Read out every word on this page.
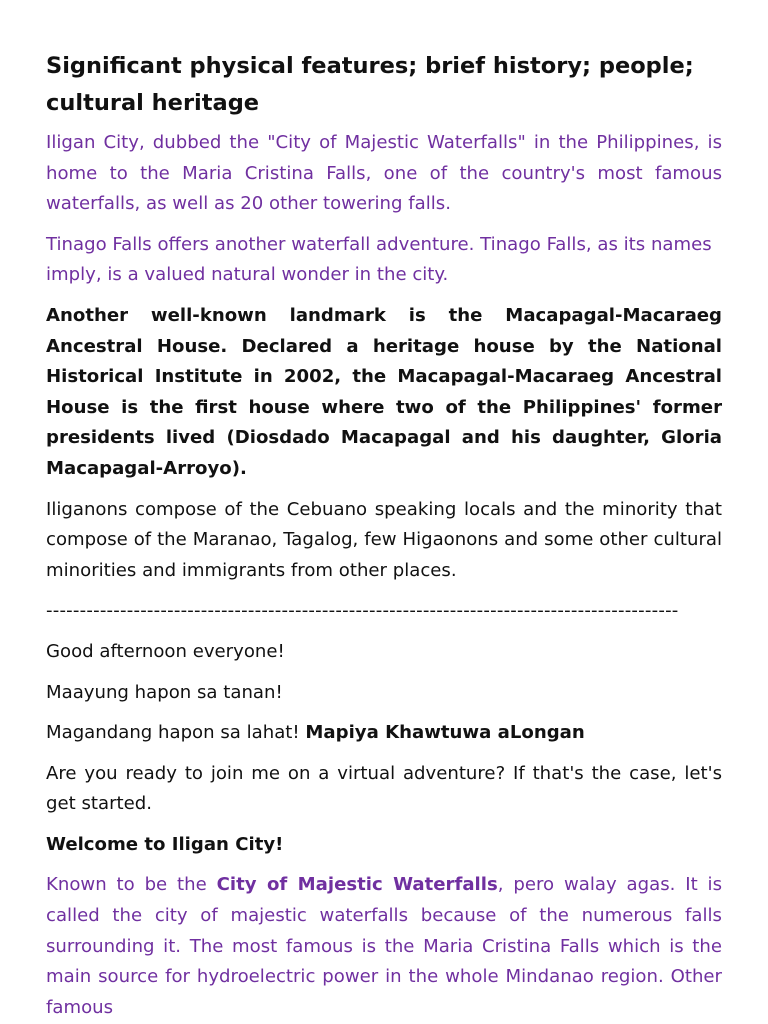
Significant physical features; brief history; people; cultural heritage

Iligan City, dubbed the "City of Majestic Waterfalls" in the Philippines, is home to the Maria Cristina Falls, one of the country's most famous waterfalls, as well as 20 other towering falls.

Tinago Falls offers another waterfall adventure. Tinago Falls, as its names imply, is a valued natural wonder in the city.

Another well-known landmark is the Macapagal-Macaraeg Ancestral House. Declared a heritage house by the National Historical Institute in 2002, the Macapagal-Macaraeg Ancestral House is the first house where two of the Philippines' former presidents lived (Diosdado Macapagal and his daughter, Gloria Macapagal-Arroyo).

Iliganons compose of the Cebuano speaking locals and the minority that compose of the Maranao, Tagalog, few Higaonons and some other cultural minorities and immigrants from other places.

----------------------------------------------------------------------------------------------

Good afternoon everyone!

Maayung hapon sa tanan!

Magandang hapon sa lahat! Mapiya Khawtuwa aLongan

Are you ready to join me on a virtual adventure? If that's the case, let's get started.

Welcome to Iligan City!

Known to be the City of Majestic Waterfalls, pero walay agas. It is called the city of majestic waterfalls because of the numerous falls surrounding it. The most famous is the Maria Cristina Falls which is the main source for hydroelectric power in the whole Mindanao region. Other famous
